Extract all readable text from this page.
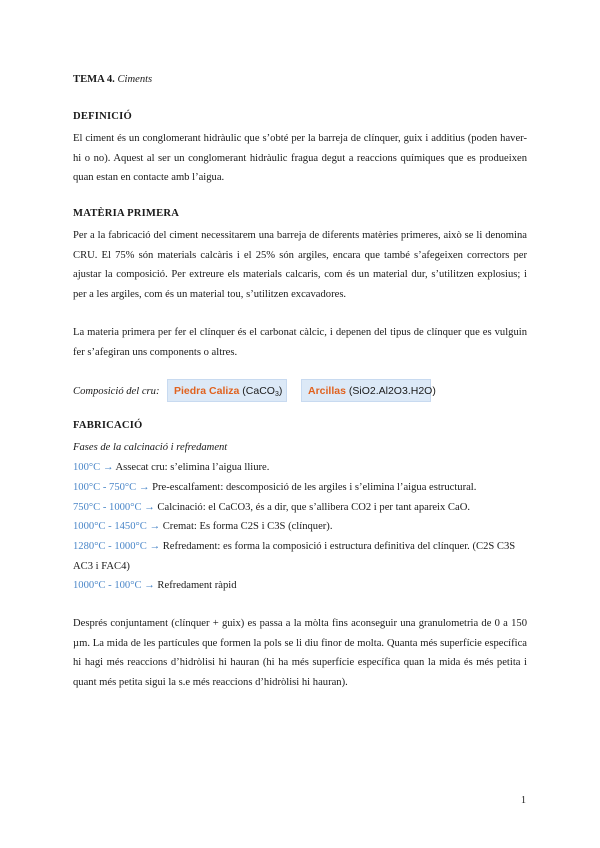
TEMA 4. Ciments
DEFINICIÓ
El ciment és un conglomerant hidràulic que s’obté per la barreja de clínquer, guix i additius (poden haver-hi o no). Aquest al ser un conglomerant hidràulic fragua degut a reaccions químiques que es produeixen quan estan en contacte amb l’aigua.
MATÈRIA PRIMERA
Per a la fabricació del ciment necessitarem una barreja de diferents matèries primeres, això se li denomina CRU. El 75% són materials calcàris i el 25% són argiles, encara que també s’afegeixen correctors per ajustar la composició. Per extreure els materials calcaris, com és un material dur, s’utilitzen explosius; i per a les argiles, com és un material tou, s’utilitzen excavadores.
La materia primera per fer el clínquer és el carbonat càlcic, i depenen del tipus de clínquer que es vulguin fer s’afegiran uns components o altres.
Composició del cru:	Piedra Caliza (CaCO$_3$)	Arcillas (SiO2.Al2O3.H2O)
FABRICACIÓ
Fases de la calcinació i refredament
100°C → Assecat cru: s’elimina l’aigua lliure.
100°C - 750°C → Pre-escalfament: descomposició de les argiles i s’elimina l’aigua estructural.
750°C - 1000°C → Calcinació: el CaCO3, és a dir, que s’allibera CO2 i per tant apareix CaO.
1000°C - 1450°C → Cremat: Es forma C2S i C3S (clínquer).
1280°C - 1000°C → Refredament: es forma la composició i estructura definitiva del clínquer. (C2S C3S AC3 i FAC4)
1000°C - 100°C → Refredament ràpid
Després conjuntament (clínquer + guix) es passa a la mòlta fins aconseguir una granulometria de 0 a 150 µm. La mida de les partícules que formen la pols se li diu finor de molta. Quanta més superfície específica hi hagi més reaccions d’hidròlisi hi hauran (hi ha més superfície específica quan la mida és més petita i quant més petita sigui la s.e més reaccions d’hidròlisi hi hauran).
1
